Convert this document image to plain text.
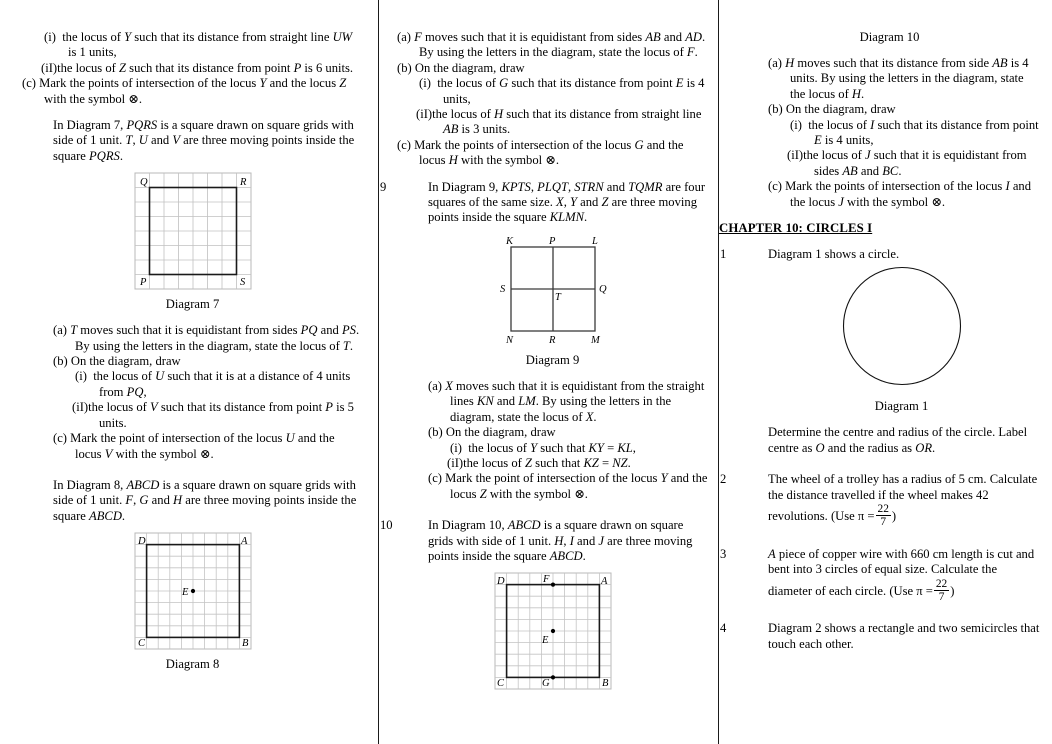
(i) the locus of Y such that its distance from straight line UW is 1 units,
(iI)the locus of Z such that its distance from point P is 6 units.
(c) Mark the points of intersection of the locus Y and the locus Z with the symbol ⊗.
In Diagram 7, PQRS is a square drawn on square grids with side of 1 unit. T, U and V are three moving points inside the square PQRS.
Q	R
P	S
Diagram 7
(a) T moves such that it is equidistant from sides PQ and PS. By using the letters in the diagram, state the locus of T.
(b) On the diagram, draw
(i) the locus of U such that it is at a distance of 4 units from PQ,
(iI)the locus of V such that its distance from point P is 5 units.
(c) Mark the point of intersection of the locus U and the locus V with the symbol ⊗.
In Diagram 8, ABCD is a square drawn on square grids with side of 1 unit. F, G and H are three moving points inside the square ABCD.
D	A
C	B
E
Diagram 8
(a) F moves such that it is equidistant from sides AB and AD. By using the letters in the diagram, state the locus of F.
(b) On the diagram, draw
(i) the locus of G such that its distance from point E is 4 units,
(iI)the locus of H such that its distance from straight line AB is 3 units.
(c) Mark the points of intersection of the locus G and the locus H with the symbol ⊗.
9	In Diagram 9, KPTS, PLQT, STRN and TQMR are four squares of the same size. X, Y and Z are three moving points inside the square KLMN.
K	P	L
S
T
Q
N	R	M
Diagram 9
(a) X moves such that it is equidistant from the straight lines KN and LM. By using the letters in the diagram, state the locus of X.
(b) On the diagram, draw
(i) the locus of Y such that KY = KL,
(iI)the locus of Z such that KZ = NZ.
(c) Mark the point of intersection of the locus Y and the locus Z with the symbol ⊗.
10	In Diagram 10, ABCD is a square drawn on square grids with side of 1 unit. H, I and J are three moving points inside the square ABCD.
D	A
C	B
F
E
G
Diagram 10
(a) H moves such that its distance from side AB is 4 units. By using the letters in the diagram, state the locus of H.
(b) On the diagram, draw
(i) the locus of I such that its distance from point E is 4 units,
(iI)the locus of J such that it is equidistant from sides AB and BC.
(c) Mark the points of intersection of the locus I and the locus J with the symbol ⊗.
CHAPTER 10: CIRCLES I
1	Diagram 1 shows a circle.
Diagram 1
Determine the centre and radius of the circle. Label centre as O and the radius as OR.
2	The wheel of a trolley has a radius of 5 cm. Calculate the distance travelled if the wheel makes 42 revolutions. (Use $\pi = \frac{22}{7}$ )
3	A piece of copper wire with 660 cm length is cut and bent into 3 circles of equal size. Calculate the diameter of each circle. (Use $\pi = \frac{22}{7}$ )
4	Diagram 2 shows a rectangle and two semicircles that touch each other.
